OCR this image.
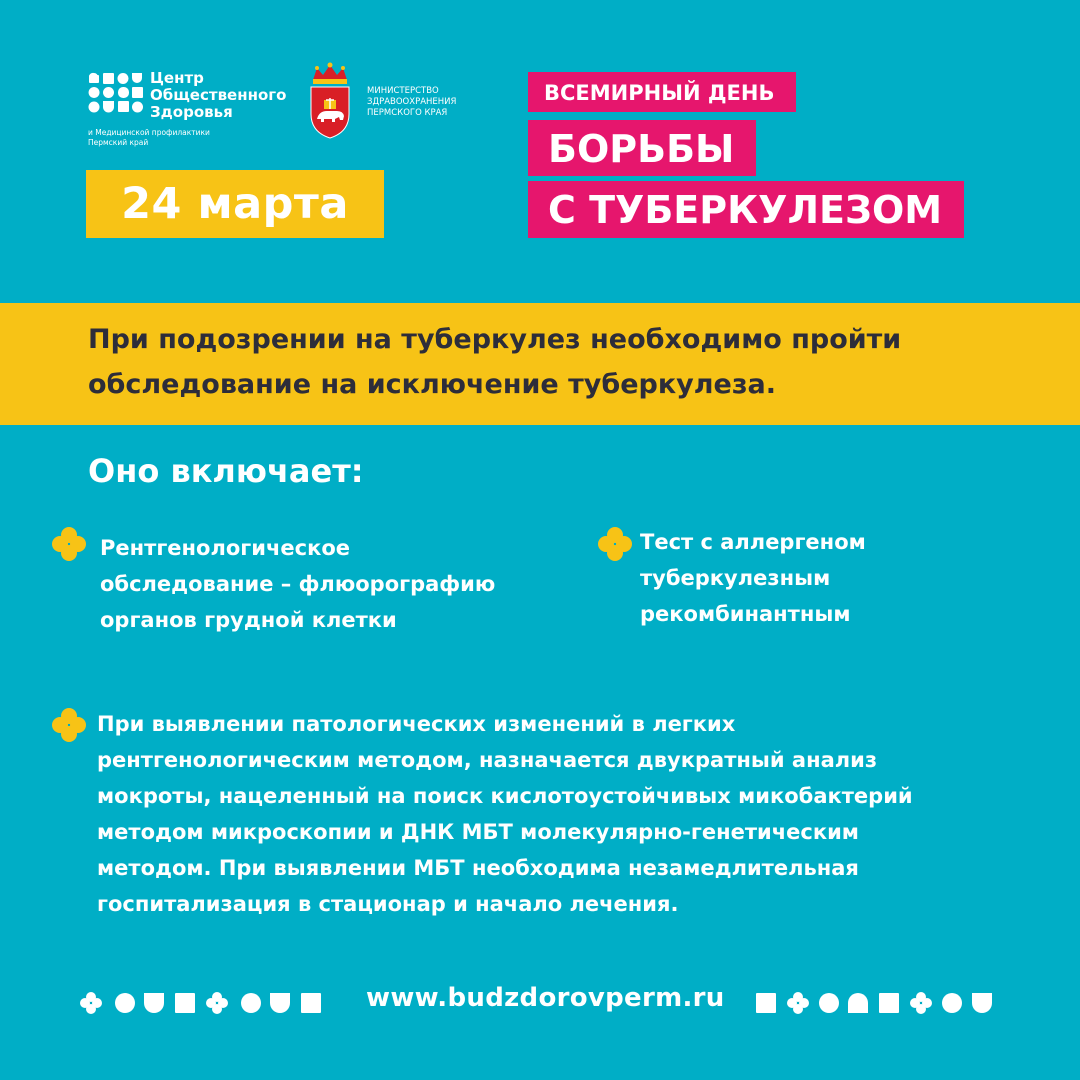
Центр
Общественного
Здоровья
и Медицинской профилактики
Пермский край
МИНИСТЕРСТВО
ЗДРАВООХРАНЕНИЯ
ПЕРМСКОГО КРАЯ
24 марта
ВСЕМИРНЫЙ ДЕНЬ
БОРЬБЫ
С ТУБЕРКУЛЕЗОМ
При подозрении на туберкулез необходимо пройти
обследование на исключение туберкулеза.
Оно включает:
Рентгенологическое
обследование – флюорографию
органов грудной клетки
Тест с аллергеном
туберкулезным
рекомбинантным
При выявлении патологических изменений в легких
рентгенологическим методом, назначается двукратный анализ
мокроты, нацеленный на поиск кислотоустойчивых микобактерий
методом микроскопии и ДНК МБТ молекулярно-генетическим
методом. При выявлении МБТ необходима незамедлительная
госпитализация в стационар и начало лечения.
www.budzdorovperm.ru
